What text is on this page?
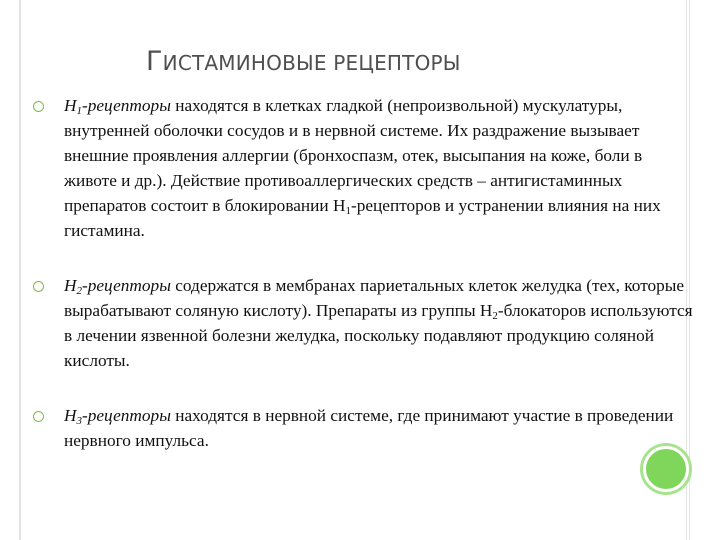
ГИСТАМИНОВЫЕ РЕЦЕПТОРЫ
$H_1$-рецепторы находятся в клетках гладкой (непроизвольной) мускулатуры, внутренней оболочки сосудов и в нервной системе. Их раздражение вызывает внешние проявления аллергии (бронхоспазм, отек, высыпания на коже, боли в животе и др.). Действие противоаллергических средств – антигистаминных препаратов состоит в блокировании $Н_1$-рецепторов и устранении влияния на них гистамина.
$H_2$-рецепторы содержатся в мембранах париетальных клеток желудка (тех, которые вырабатывают соляную кислоту). Препараты из группы $Н_2$-блокаторов используются в лечении язвенной болезни желудка, поскольку подавляют продукцию соляной кислоты.
$H_3$-рецепторы находятся в нервной системе, где принимают участие в проведении нервного импульса.
